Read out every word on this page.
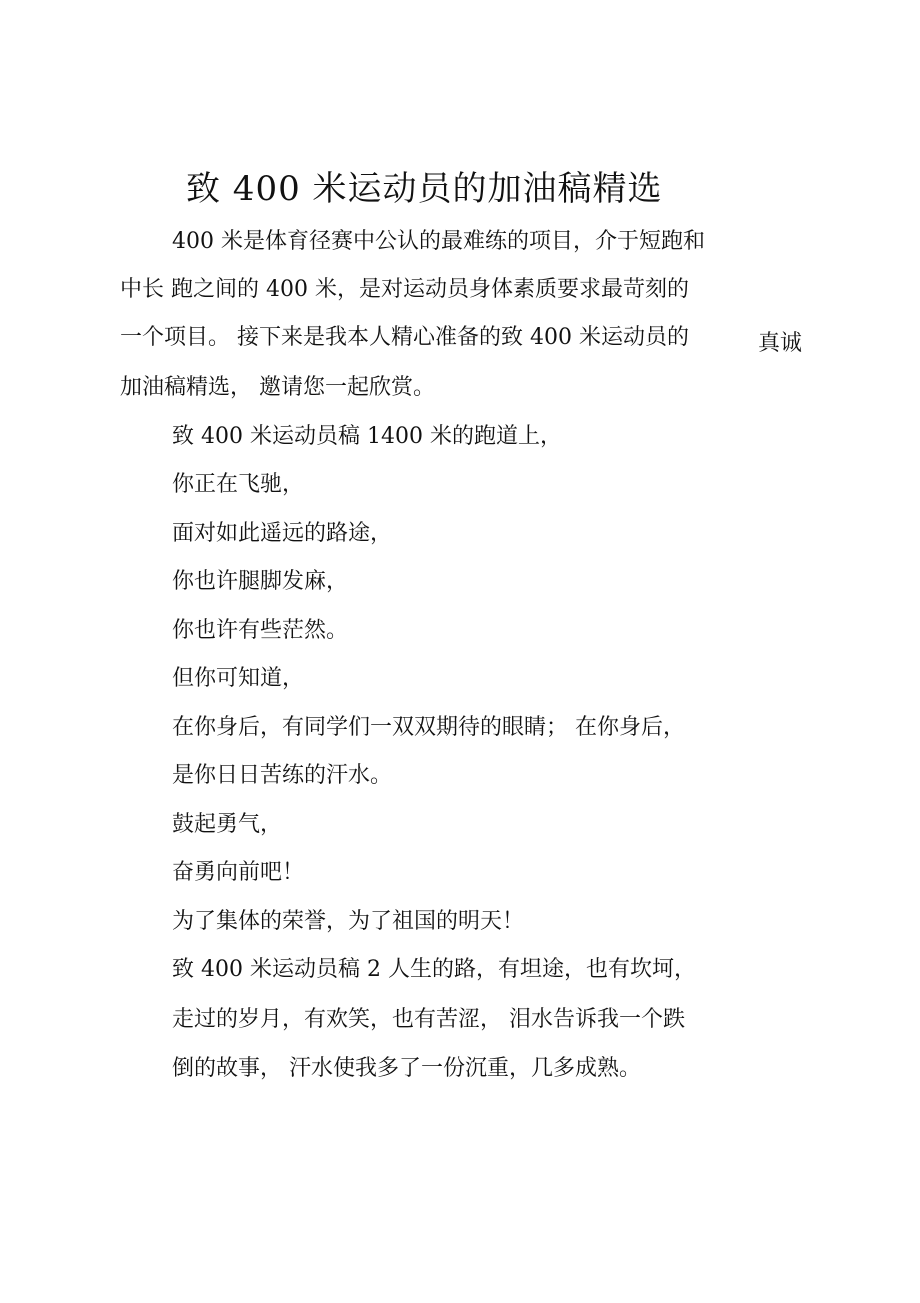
致 400 米运动员的加油稿精选
400 米是体育径赛中公认的最难练的项目，介于短跑和
中长 跑之间的 400 米，是对运动员身体素质要求最苛刻的
一个项目。 接下来是我本人精心准备的致 400 米运动员的	真诚
加油稿精选， 邀请您一起欣赏。
致 400 米运动员稿 1400 米的跑道上，
你正在飞驰，
面对如此遥远的路途，
你也许腿脚发麻，
你也许有些茫然。
但你可知道，
在你身后，有同学们一双双期待的眼睛； 在你身后，
是你日日苦练的汗水。
鼓起勇气，
奋勇向前吧！
为了集体的荣誉，为了祖国的明天！
致 400 米运动员稿 2 人生的路，有坦途，也有坎坷，
走过的岁月，有欢笑，也有苦涩， 泪水告诉我一个跌
倒的故事， 汗水使我多了一份沉重，几多成熟。
